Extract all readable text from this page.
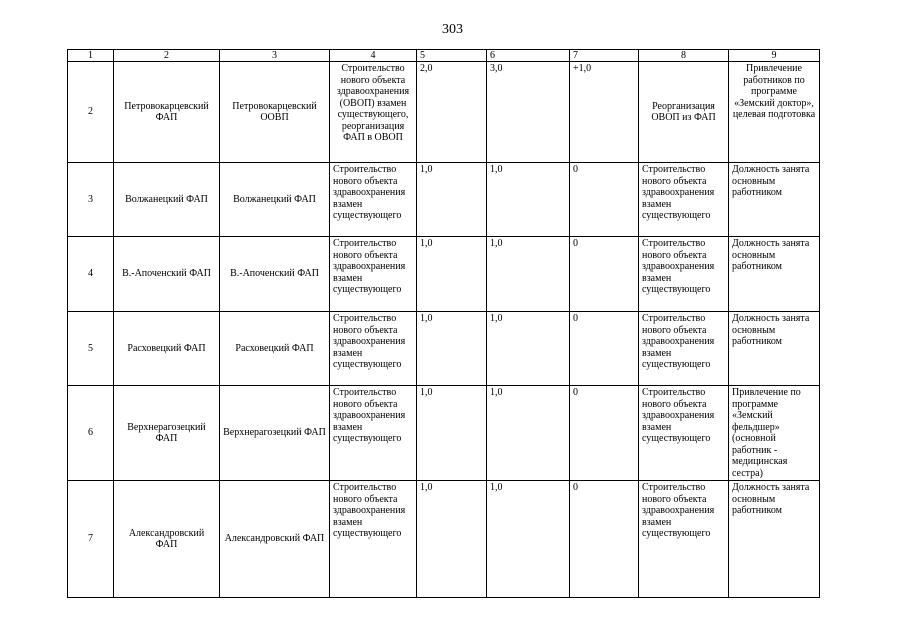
303
1	2	3	4	5	6	7	8	9
2	Петровокарцевский ФАП	Петровокарцевский ООВП	Строительство нового объекта здравоохранения (ОВОП) взамен существующего, реорганизация ФАП в ОВОП	2,0	3,0	+1,0	Реорганизация ОВОП из ФАП	Привлечение работников по программе «Земский доктор», целевая подготовка
3	Волжанецкий ФАП	Волжанецкий ФАП	Строительство нового объекта здравоохранения взамен существующего	1,0	1,0	0	Строительство нового объекта здравоохранения взамен существующего	Должность занята основным работником
4	В.-Апоченский ФАП	В.-Апоченский ФАП	Строительство нового объекта здравоохранения взамен существующего	1,0	1,0	0	Строительство нового объекта здравоохранения взамен существующего	Должность занята основным работником
5	Расховецкий ФАП	Расховецкий ФАП	Строительство нового объекта здравоохранения взамен существующего	1,0	1,0	0	Строительство нового объекта здравоохранения взамен существующего	Должность занята основным работником
6	Верхнерагозецкий ФАП	Верхнерагозецкий ФАП	Строительство нового объекта здравоохранения взамен существующего	1,0	1,0	0	Строительство нового объекта здравоохранения взамен существующего	Привлечение по программе «Земский фельдшер» (основной работник - медицинская сестра)
7	Александровский ФАП	Александровский ФАП	Строительство нового объекта здравоохранения взамен существующего	1,0	1,0	0	Строительство нового объекта здравоохранения взамен существующего	Должность занята основным работником
